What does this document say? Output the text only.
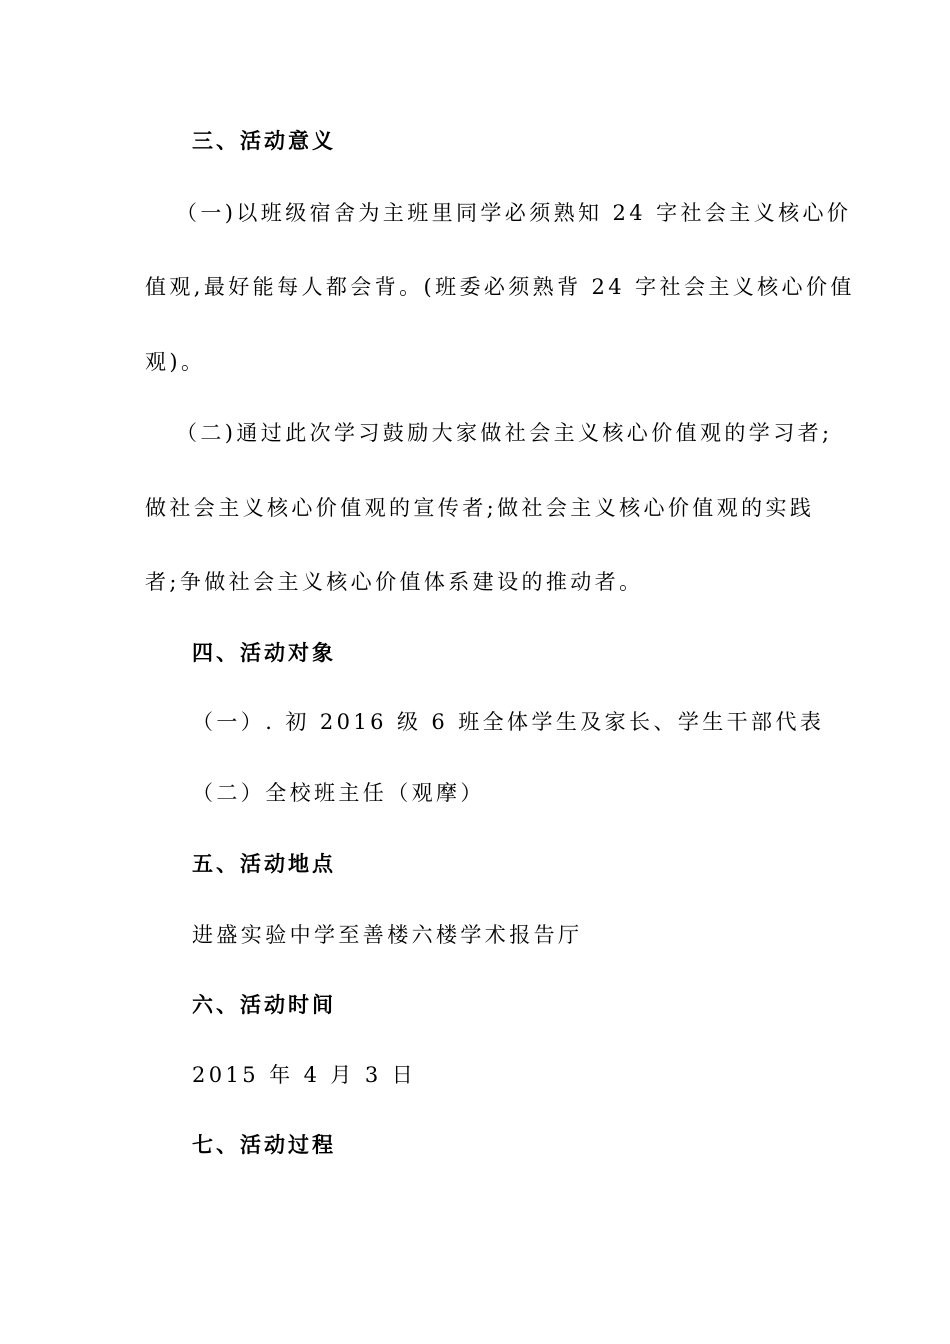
三、活动意义
（一)以班级宿舍为主班里同学必须熟知 24 字社会主义核心价
值观,最好能每人都会背。(班委必须熟背 24 字社会主义核心价值
观)。
（二)通过此次学习鼓励大家做社会主义核心价值观的学习者;
做社会主义核心价值观的宣传者;做社会主义核心价值观的实践
者;争做社会主义核心价值体系建设的推动者。
四、活动对象
（一）. 初 2016 级 6 班全体学生及家长、学生干部代表
（二）全校班主任（观摩）
五、活动地点
进盛实验中学至善楼六楼学术报告厅
六、活动时间
2015 年 4 月 3 日
七、活动过程
